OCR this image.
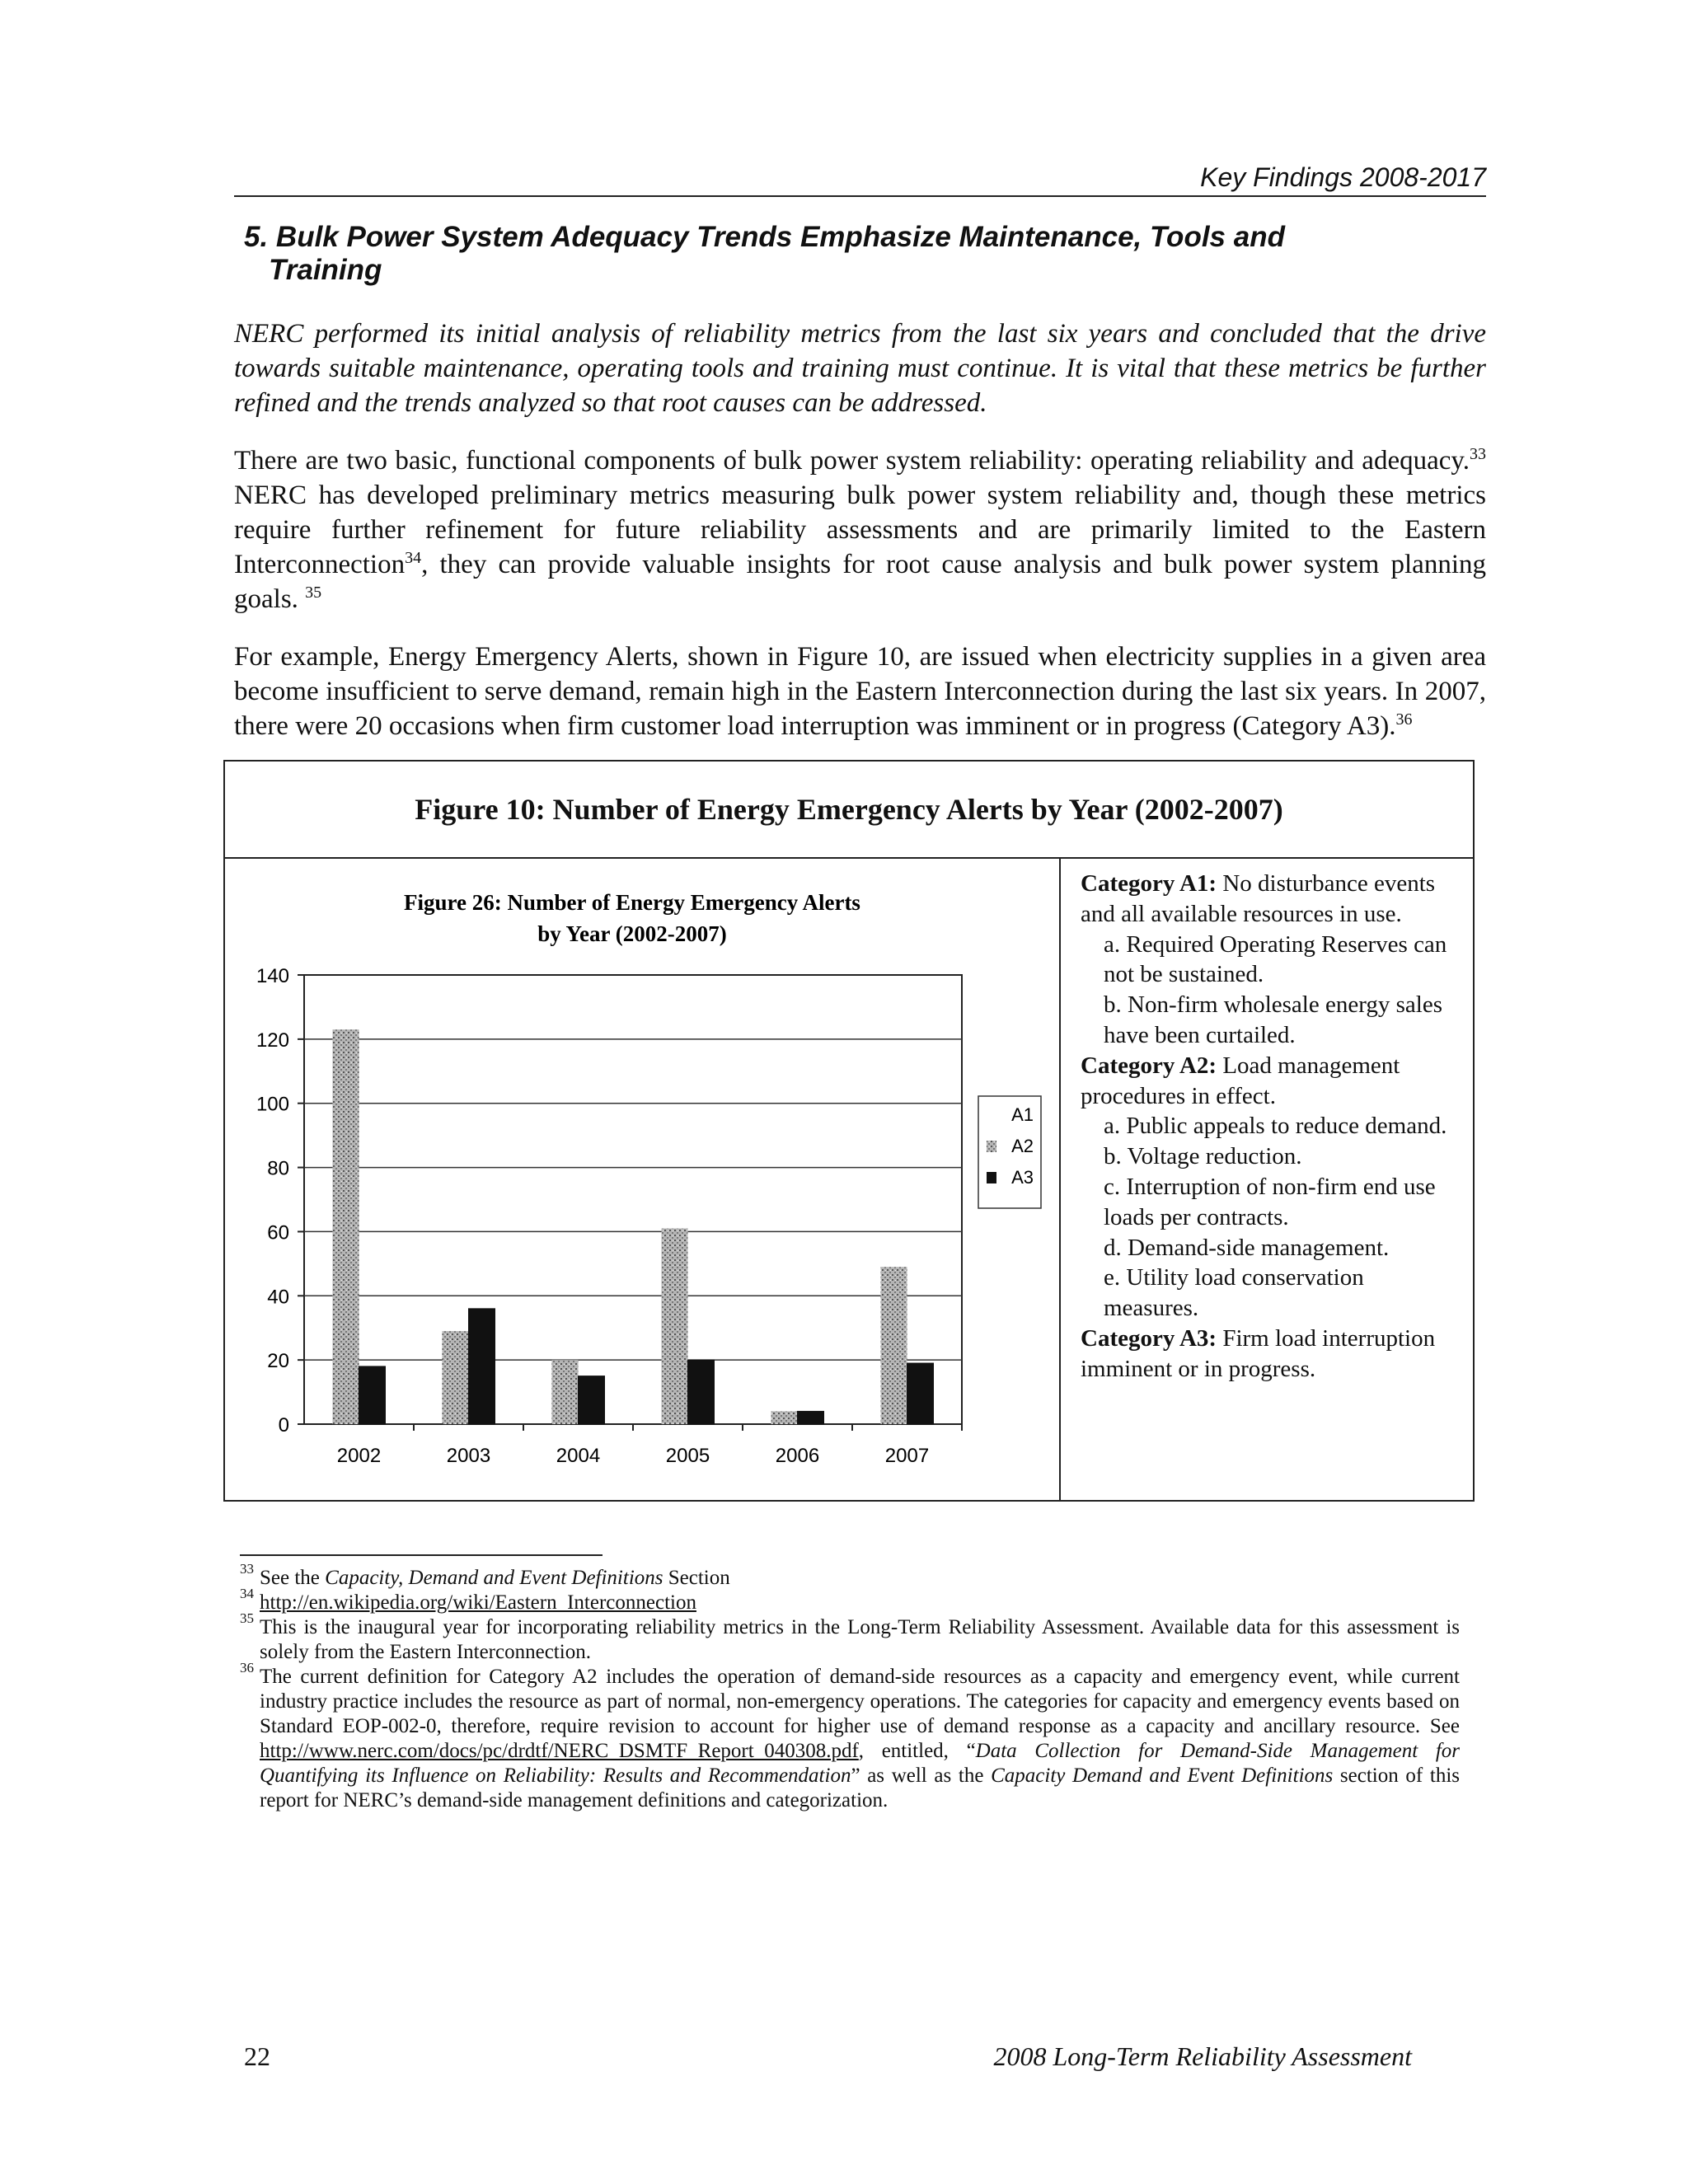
Key Findings 2008-2017
5. Bulk Power System Adequacy Trends Emphasize Maintenance, Tools and
Training

NERC performed its initial analysis of reliability metrics from the last six years and concluded that the drive towards suitable maintenance, operating tools and training must continue. It is vital that these metrics be further refined and the trends analyzed so that root causes can be addressed.

There are two basic, functional components of bulk power system reliability: operating reliability and adequacy.$^{33}$ NERC has developed preliminary metrics measuring bulk power system reliability and, though these metrics require further refinement for future reliability assessments and are primarily limited to the Eastern Interconnection$^{34}$, they can provide valuable insights for root cause analysis and bulk power system planning goals. $^{35}$

For example, Energy Emergency Alerts, shown in Figure 10, are issued when electricity supplies in a given area become insufficient to serve demand, remain high in the Eastern Interconnection during the last six years. In 2007, there were 20 occasions when firm customer load interruption was imminent or in progress (Category A3).$^{36}$

Figure 10: Number of Energy Emergency Alerts by Year (2002-2007)
Figure 26: Number of Energy Emergency Alerts
by Year (2002-2007)
0
20
40
60
80
100
120
140
2002	2003	2004	2005	2006	2007
A1
A2
A3
Category A1: No disturbance events and all available resources in use.
a. Required Operating Reserves can not be sustained.
b. Non-firm wholesale energy sales have been curtailed.
Category A2: Load management procedures in effect.
a. Public appeals to reduce demand.
b. Voltage reduction.
c. Interruption of non-firm end use loads per contracts.
d. Demand-side management.
e. Utility load conservation measures.
Category A3: Firm load interruption imminent or in progress.
33 See the Capacity, Demand and Event Definitions Section
34 http://en.wikipedia.org/wiki/Eastern_Interconnection
35 This is the inaugural year for incorporating reliability metrics in the Long-Term Reliability Assessment. Available data for this assessment is solely from the Eastern Interconnection.
36 The current definition for Category A2 includes the operation of demand-side resources as a capacity and emergency event, while current industry practice includes the resource as part of normal, non-emergency operations. The categories for capacity and emergency events based on Standard EOP-002-0, therefore, require revision to account for higher use of demand response as a capacity and ancillary resource. See http://www.nerc.com/docs/pc/drdtf/NERC_DSMTF_Report_040308.pdf, entitled, “Data Collection for Demand-Side Management for Quantifying its Influence on Reliability: Results and Recommendation” as well as the Capacity Demand and Event Definitions section of this report for NERC’s demand-side management definitions and categorization.
22	2008 Long-Term Reliability Assessment
